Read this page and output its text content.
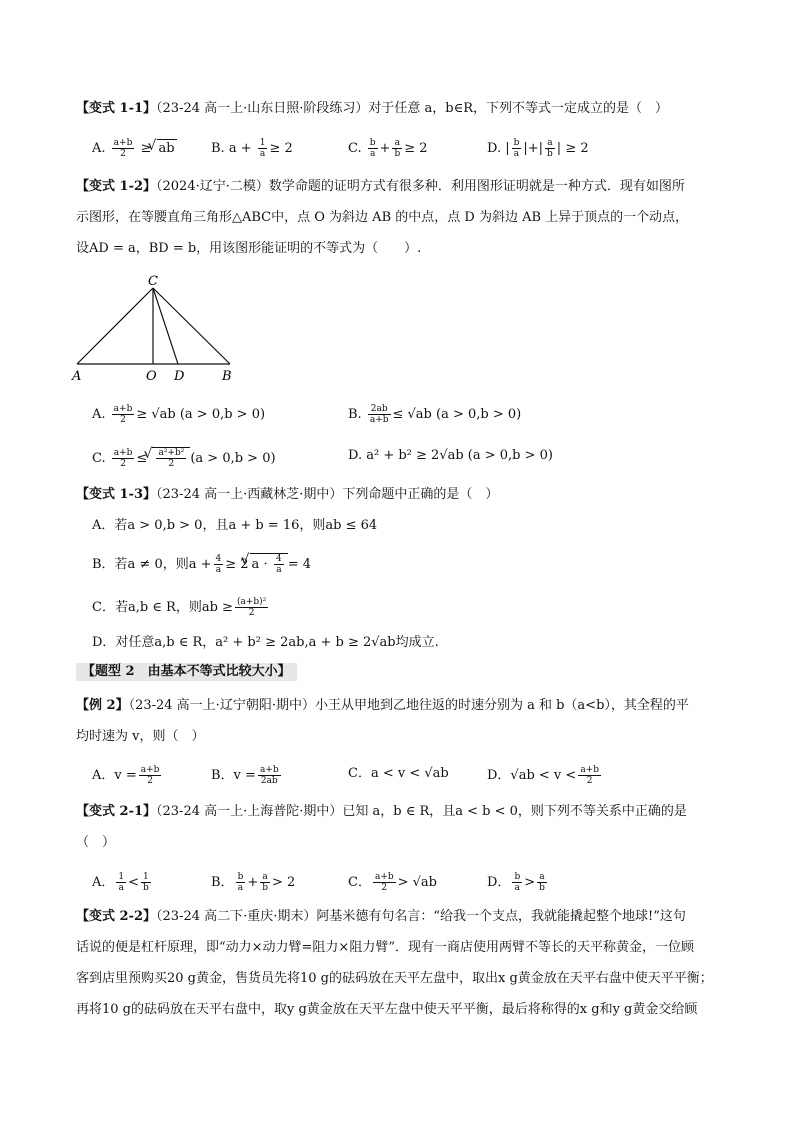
【变式 1-1】（23-24 高一上·山东日照·阶段练习）对于任意 a，b∈R，下列不等式一定成立的是（　）
A. $\frac{a+b}{2}$ ≥ √ ab	B. $a + \frac{1}{a} \ge 2$	C. $\frac{b}{a} + \frac{a}{b} \ge 2$	D. | $\frac{b}{a}$ |+| $\frac{a}{b}$ | ≥ 2
【变式 1-2】（2024·辽宁·二模）数学命题的证明方式有很多种．利用图形证明就是一种方式．现有如图所
示图形，在等腰直角三角形△ABC中，点 O 为斜边 AB 的中点，点 D 为斜边 AB 上异于顶点的一个动点，
设AD = a，BD = b，用该图形能证明的不等式为（　　）.
C
A	O D	B
A. $\frac{a+b}{2} \ge √ab$ (a > 0,b > 0)	B. $\frac{2ab}{a+b} \le √ab$ (a > 0,b > 0)
C. $\frac{a+b}{2}$ ≤
√ $\frac{\text{a²+b²}}{2} (a > 0,b > 0)$	D. a² + b² ≥ 2√ab (a > 0,b > 0)
【变式 1-3】（23-24 高一上·西藏林芝·期中）下列命题中正确的是（　）
A．若a > 0,b > 0，且a + b = 16，则ab ≤ 64
B．若a ≠ 0，则$a + \frac{4}{a} \ge 2√$ $a \cdot \frac{4}{a} = 4$
C．若a,b ∈ R，则ab ≥ $\frac{\text{(a+b)²}}{2}$
D．对任意a,b ∈ R，a² + b² ≥ 2ab,a + b ≥ 2√ab均成立.
【题型 2　由基本不等式比较大小】
【例 2】（23-24 高一上·辽宁朝阳·期中）小王从甲地到乙地往返的时速分别为 a 和 b（a<b），其全程的平
均时速为 v，则（　）
A．$v = \frac{a+b}{2}$	B．$v = \frac{a+b}{2ab}$	C．a < v < √ab	D．$√ab < v < \frac{a+b}{2}$
【变式 2-1】（23-24 高一上·上海普陀·期中）已知 a，b ∈ R，且a < b < 0，则下列不等关系中正确的是
（　）
A． $\frac{1}{a} < \frac{1}{b}$	B． $\frac{b}{a} + \frac{a}{b} > 2$	C． $\frac{a+b}{2} > √ab$	D． $\frac{b}{a} > \frac{a}{b}$
【变式 2-2】（23-24 高二下·重庆·期末）阿基米德有句名言：“给我一个支点，我就能撬起整个地球!”这句
话说的便是杠杆原理，即“动力×动力臂=阻力×阻力臂”．现有一商店使用两臂不等长的天平称黄金，一位顾
客到店里预购买20 g黄金，售货员先将10 g的砝码放在天平左盘中，取出x g黄金放在天平右盘中使天平平衡；
再将10 g的砝码放在天平右盘中，取y g黄金放在天平左盘中使天平平衡，最后将称得的x g和y g黄金交给顾
